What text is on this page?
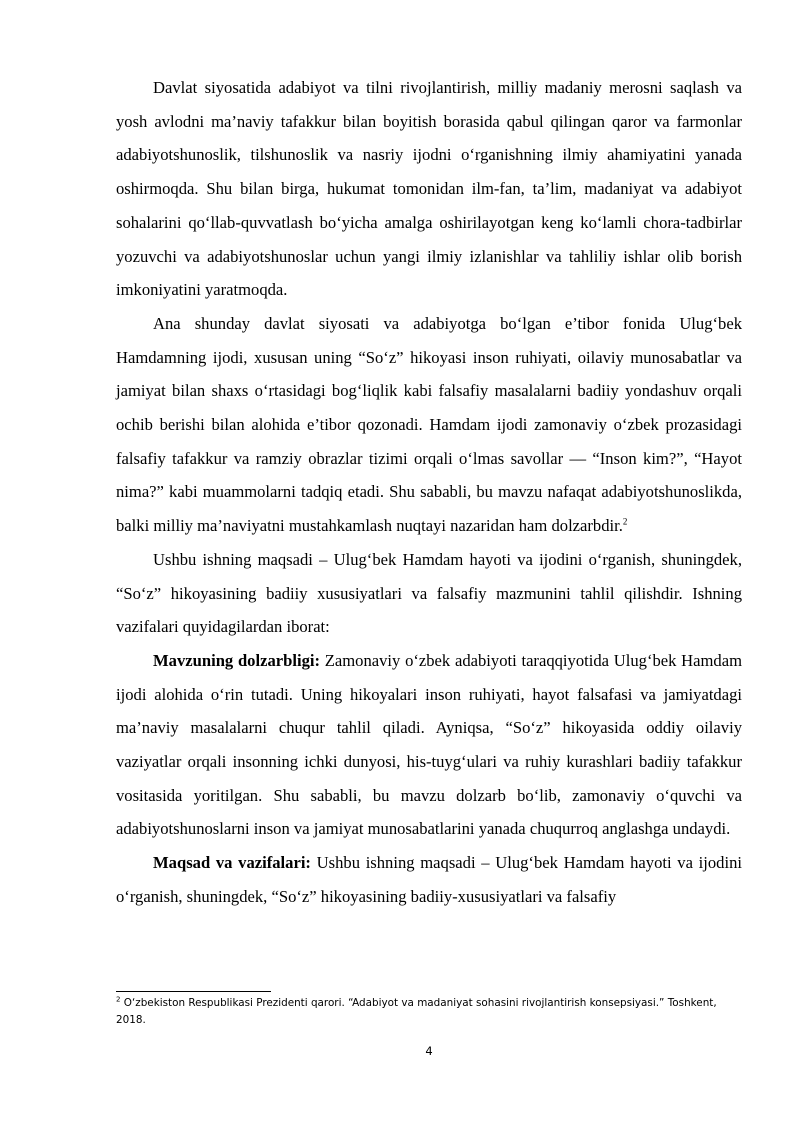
Davlat siyosatida adabiyot va tilni rivojlantirish, milliy madaniy merosni saqlash va yosh avlodni ma’naviy tafakkur bilan boyitish borasida qabul qilingan qaror va farmonlar adabiyotshunoslik, tilshunoslik va nasriy ijodni o‘rganishning ilmiy ahamiyatini yanada oshirmoqda. Shu bilan birga, hukumat tomonidan ilm-fan, ta’lim, madaniyat va adabiyot sohalarini qo‘llab-quvvatlash bo‘yicha amalga oshirilayotgan keng ko‘lamli chora-tadbirlar yozuvchi va adabiyotshunoslar uchun yangi ilmiy izlanishlar va tahliliy ishlar olib borish imkoniyatini yaratmoqda.

Ana shunday davlat siyosati va adabiyotga bo‘lgan e’tibor fonida Ulug‘bek Hamdamning ijodi, xususan uning “So‘z” hikoyasi inson ruhiyati, oilaviy munosabatlar va jamiyat bilan shaxs o‘rtasidagi bog‘liqlik kabi falsafiy masalalarni badiiy yondashuv orqali ochib berishi bilan alohida e’tibor qozonadi. Hamdam ijodi zamonaviy o‘zbek prozasidagi falsafiy tafakkur va ramziy obrazlar tizimi orqali o‘lmas savollar — “Inson kim?”, “Hayot nima?” kabi muammolarni tadqiq etadi. Shu sababli, bu mavzu nafaqat adabiyotshunoslikda, balki milliy ma’naviyatni mustahkamlash nuqtayi nazaridan ham dolzarbdir.$^2$

Ushbu ishning maqsadi – Ulug‘bek Hamdam hayoti va ijodini o‘rganish, shuningdek, “So‘z” hikoyasining badiiy xususiyatlari va falsafiy mazmunini tahlil qilishdir. Ishning vazifalari quyidagilardan iborat:

Mavzuning dolzarbligi: Zamonaviy o‘zbek adabiyoti taraqqiyotida Ulug‘bek Hamdam ijodi alohida o‘rin tutadi. Uning hikoyalari inson ruhiyati, hayot falsafasi va jamiyatdagi ma’naviy masalalarni chuqur tahlil qiladi. Ayniqsa, “So‘z” hikoyasida oddiy oilaviy vaziyatlar orqali insonning ichki dunyosi, his-tuyg‘ulari va ruhiy kurashlari badiiy tafakkur vositasida yoritilgan. Shu sababli, bu mavzu dolzarb bo‘lib, zamonaviy o‘quvchi va adabiyotshunoslarni inson va jamiyat munosabatlarini yanada chuqurroq anglashga undaydi.

Maqsad va vazifalari: Ushbu ishning maqsadi – Ulug‘bek Hamdam hayoti va ijodini o‘rganish, shuningdek, “So‘z” hikoyasining badiiy-xususiyatlari va falsafiy

$^2$ O‘zbekiston Respublikasi Prezidenti qarori. “Adabiyot va madaniyat sohasini rivojlantirish konsepsiyasi.” Toshkent, 2018.
4
